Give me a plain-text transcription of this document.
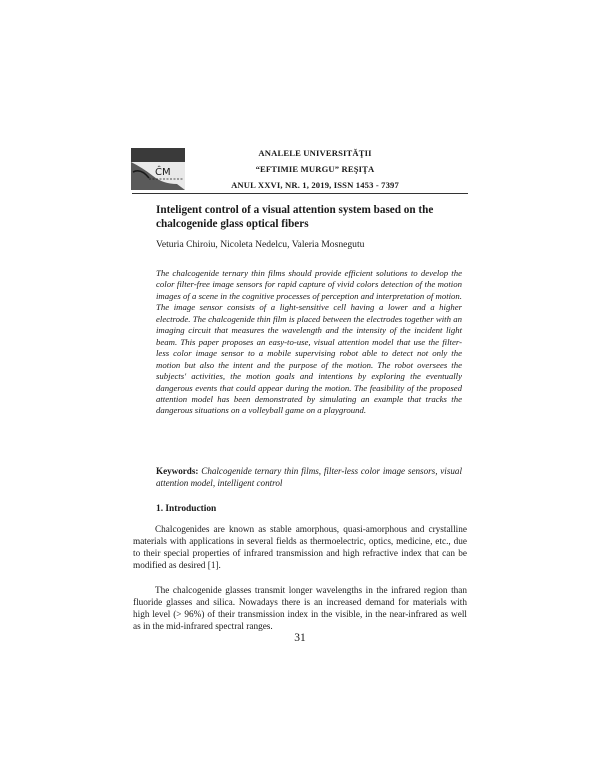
ĈM
ANALELE UNIVERSITĂŢII
“EFTIMIE MURGU” REŞIŢA
ANUL XXVI, NR. 1, 2019, ISSN 1453 - 7397
Inteligent control of a visual attention system based on the chalcogenide glass optical fibers
Veturia Chiroiu, Nicoleta Nedelcu, Valeria Mosnegutu
The chalcogenide ternary thin films should provide efficient solutions to develop the color filter-free image sensors for rapid capture of vivid colors detection of the motion images of a scene in the cognitive processes of perception and interpretation of motion. The image sensor consists of a light-sensitive cell having a lower and a higher electrode. The chalcogenide thin film is placed between the electrodes together with an imaging circuit that measures the wavelength and the intensity of the incident light beam. This paper proposes an easy-to-use, visual attention model that use the filter-less color image sensor to a mobile supervising robot able to detect not only the motion but also the intent and the purpose of the motion. The robot oversees the subjects' activities, the motion goals and intentions by exploring the eventually dangerous events that could appear during the motion. The feasibility of the proposed attention model has been demonstrated by simulating an example that tracks the dangerous situations on a volleyball game on a playground.
Keywords: Chalcogenide ternary thin films, filter-less color image sensors, visual attention model, intelligent control
1. Introduction
Chalcogenides are known as stable amorphous, quasi-amorphous and crystalline materials with applications in several fields as thermoelectric, optics, medicine, etc., due to their special properties of infrared transmission and high refractive index that can be modified as desired [1].
The chalcogenide glasses transmit longer wavelengths in the infrared region than fluoride glasses and silica. Nowadays there is an increased demand for materials with high level (> 96%) of their transmission index in the visible, in the near-infrared as well as in the mid-infrared spectral ranges.
31
